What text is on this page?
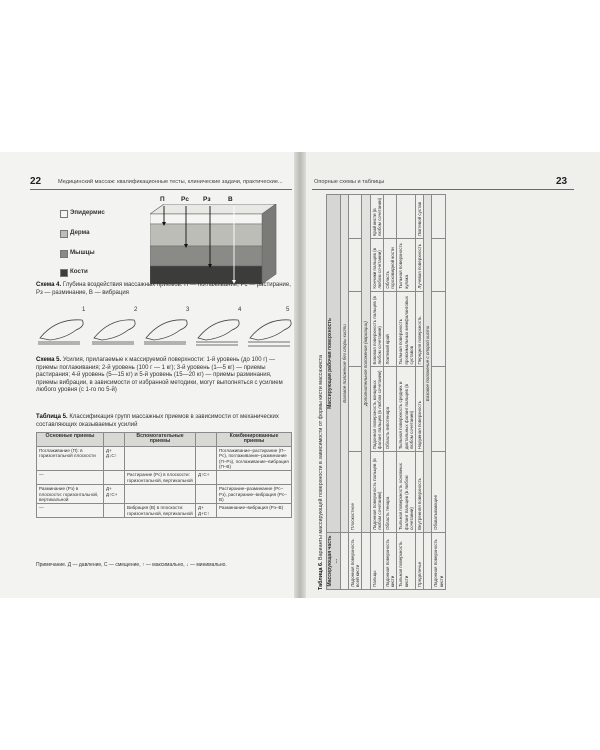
22	Медицинский массаж: квалификационные тесты, клинические задачи, практические...
Эпидермис
Дерма
Мышцы
Кости
П	Рс Рз	В
Схема 4. Глубина воздействия массажных приемов: П — поглаживание, Рс — растирание, Рз — разминание, В — вибрация
1	2	3	4	5
Схема 5. Усилия, прилагаемые к массируемой поверхности: 1-й уровень (до 100 г) — приемы поглаживания; 2-й уровень (100 г — 1 кг); 3-й уровень (1—5 кг) — приемы растирания; 4-й уровень (5—15 кг) и 5-й уровень (15—20 кг) — приемы разминания, приемы вибрации, в зависимости от избранной методики, могут выполняться с усилием любого уровня (с 1-го по 5-й)
Таблица 5. Классификация групп массажных приемов в зависимости от механических составляющих оказываемых усилий
Основные приемы		Вспомогательные приемы		Комбинированные приемы
Поглаживание (П): в горизонтальной плоскости	Д+ Д↓С↑			Поглаживание–растирание (П–Рс), поглаживание–разминание (П–Рз), поглаживание–вибрация (П–В)
—		Растирание (Рс) в плоскости: горизонтальной, вертикальной	Д↑С+	
Разминание (Рз) в плоскости: горизонтальной, вертикальной	Д+ Д↑С+			Растирание–разминание (Рс–Рз), растирание–вибрация (Рс–В)
—		Вибрация (В) в плоскости: горизонтальной, вертикальной	Д+ Д+С↑	Разминание–вибрация (Рз–В)
Примечание. Д — давление, С — смещение, ↑ — максимально, ↓ — минимально.
23
Опорные схемы и таблицы
Таблица 6. Варианты массирующей поверхности в зависимости от формы кисти массажиста
Массирующая часть ...	Массирующая рабочая поверхность				
	Базовое положение без опоры кисти				
Ладонная поверхность всей кисти	Плоскостное				
	Дополнительное положение (вариации)				
Пальцы	Ладонная поверхность пальцев (в любом сочетании)	Ладонная поверхность концевых фаланг пальцев (в любом сочетании)	Боковая поверхность пальцев (в любом сочетании)	Кончики пальцев (в любом сочетании)	Край кисти (в любом сочетании)
Ладонная поверхность кисти	Область тенара	Область гипотенара	Локтевой край	Область гороховидной кости	
Тыльная поверхность кисти	Тыльная поверхность основных фаланг пальцев (в любом сочетании)	Тыльная поверхность средних и дистальных фаланг пальцев (в любом сочетании)	Тыльная поверхность проксимальных межфаланговых суставов	Тыльная поверхность кулака	
Предплечье	Внутренняя поверхность	Наружная поверхность	Передняя поверхность	Лучевая поверхность	Локтевой сустав
	Базовое положение с опорой кисти				
Ладонная поверхность кисти	Обхватывающее				
